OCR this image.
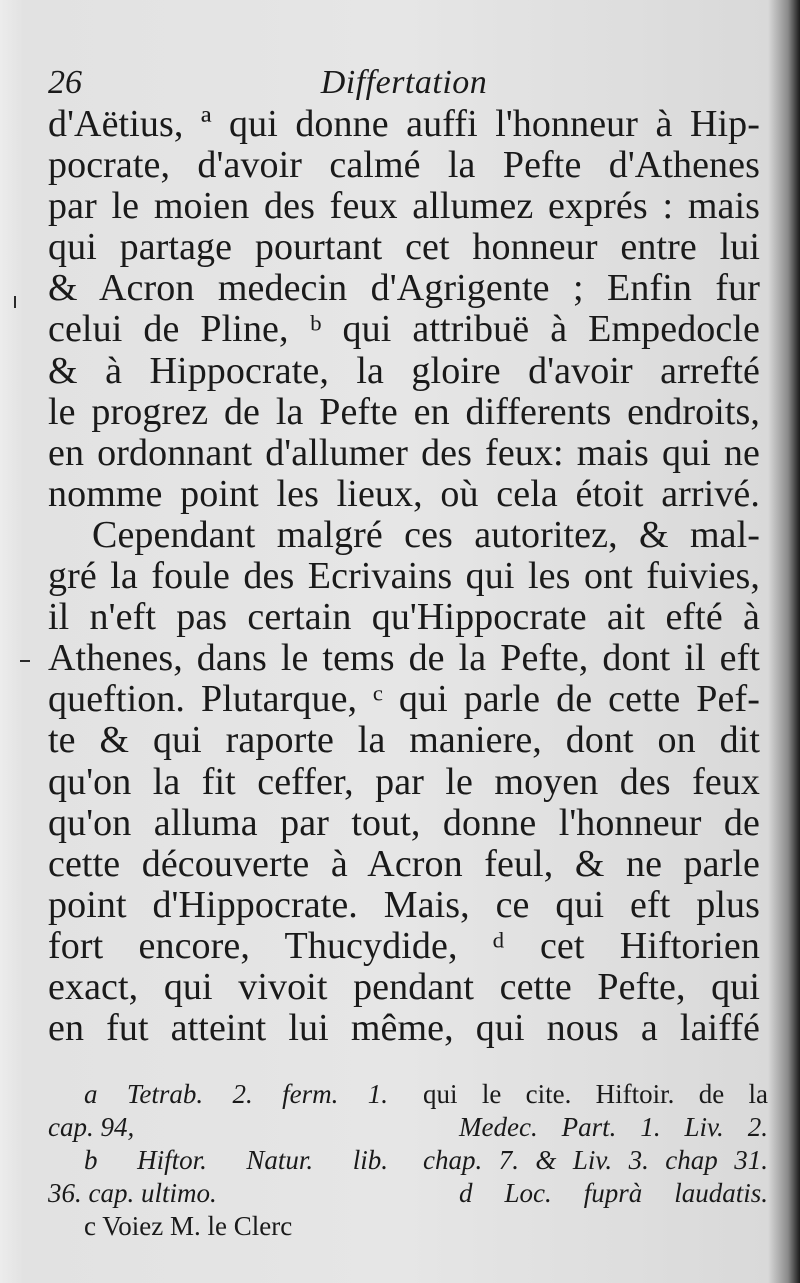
26	Differtation
d'Aëtius, ª qui donne auffi l'honneur à Hip-
pocrate, d'avoir calmé la Pefte d'Athenes
par le moien des feux allumez exprés : mais
qui partage pourtant cet honneur entre lui
& Acron medecin d'Agrigente ; Enfin fur
celui de Pline, ᵇ qui attribuë à Empedocle
& à Hippocrate, la gloire d'avoir arrefté
le progrez de la Pefte en differents endroits,
en ordonnant d'allumer des feux: mais qui ne
nomme point les lieux, où cela étoit arrivé.
Cependant malgré ces autoritez, & mal-
gré la foule des Ecrivains qui les ont fuivies,
il n'eft pas certain qu'Hippocrate ait efté à
Athenes, dans le tems de la Pefte, dont il eft
queftion. Plutarque, ᶜ qui parle de cette Pef-
te & qui raporte la maniere, dont on dit
qu'on la fit ceffer, par le moyen des feux
qu'on alluma par tout, donne l'honneur de
cette découverte à Acron feul, & ne parle
point d'Hippocrate. Mais, ce qui eft plus
fort encore, Thucydide, ᵈ cet Hiftorien
exact, qui vivoit pendant cette Pefte, qui
en fut atteint lui même, qui nous a laiffé
a Tetrab. 2. ferm. 1.
cap. 94,
b Hiftor. Natur. lib.
36. cap. ultimo.
c Voiez M. le Clerc
qui le cite. Hiftoir. de la
Medec. Part. 1. Liv. 2.
chap. 7. & Liv. 3. chap 31.
d Loc. fuprà laudatis.
